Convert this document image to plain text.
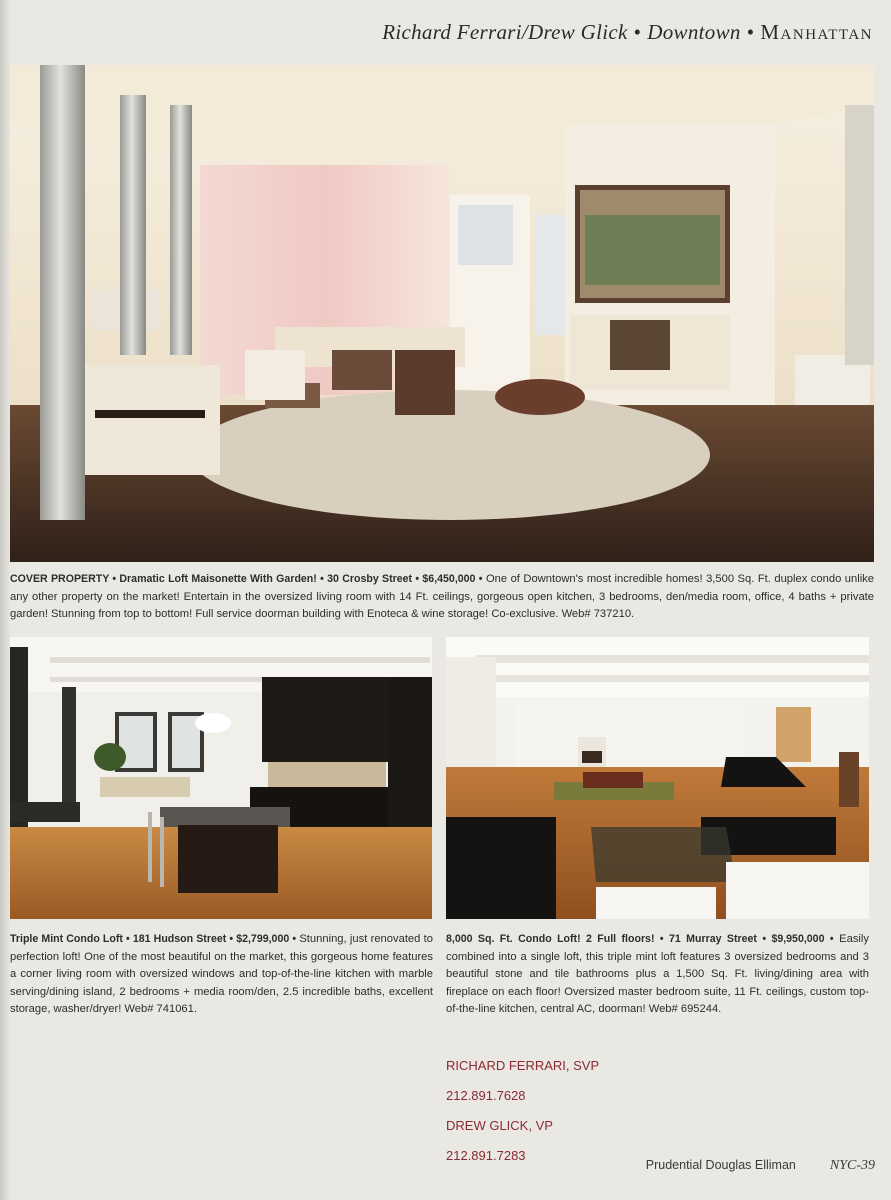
Richard Ferrari/Drew Glick • Downtown • Manhattan
COVER PROPERTY • Dramatic Loft Maisonette With Garden! • 30 Crosby Street • $6,450,000 • One of Downtown's most incredible homes! 3,500 Sq. Ft. duplex condo unlike any other property on the market! Entertain in the oversized living room with 14 Ft. ceilings, gorgeous open kitchen, 3 bedrooms, den/media room, office, 4 baths + private garden! Stunning from top to bottom! Full service doorman building with Enoteca & wine storage! Co-exclusive. Web# 737210.
Triple Mint Condo Loft • 181 Hudson Street • $2,799,000 • Stunning, just renovated to perfection loft! One of the most beautiful on the market, this gorgeous home features a corner living room with oversized windows and top-of-the-line kitchen with marble serving/dining island, 2 bedrooms + media room/den, 2.5 incredible baths, excellent storage, washer/dryer! Web# 741061.
8,000 Sq. Ft. Condo Loft! 2 Full floors! • 71 Murray Street • $9,950,000 • Easily combined into a single loft, this triple mint loft features 3 oversized bedrooms and 3 beautiful stone and tile bathrooms plus a 1,500 Sq. Ft. living/dining area with fireplace on each floor! Oversized master bedroom suite, 11 Ft. ceilings, custom top-of-the-line kitchen, central AC, doorman! Web# 695244.
RICHARD FERRARI, SVP
212.891.7628
DREW GLICK, VP
212.891.7283
Prudential Douglas Elliman NYC-39
